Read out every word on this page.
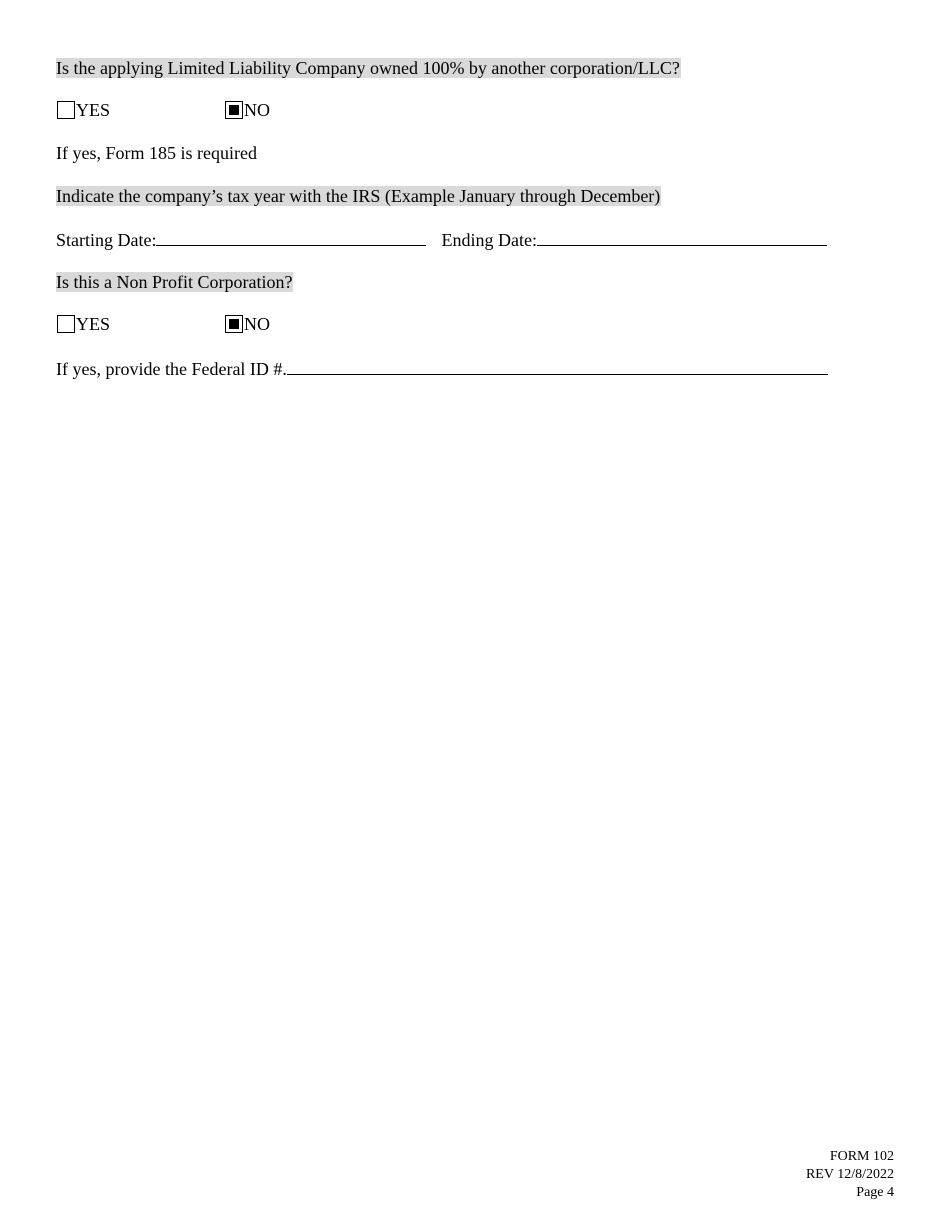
Is the applying Limited Liability Company owned 100% by another corporation/LLC?
YES	NO
If yes, Form 185 is required
Indicate the company’s tax year with the IRS (Example January through December)
Starting Date:	Ending Date:
Is this a Non Profit Corporation?
YES	NO
If yes, provide the Federal ID #.
FORM 102
REV 12/8/2022
Page 4
